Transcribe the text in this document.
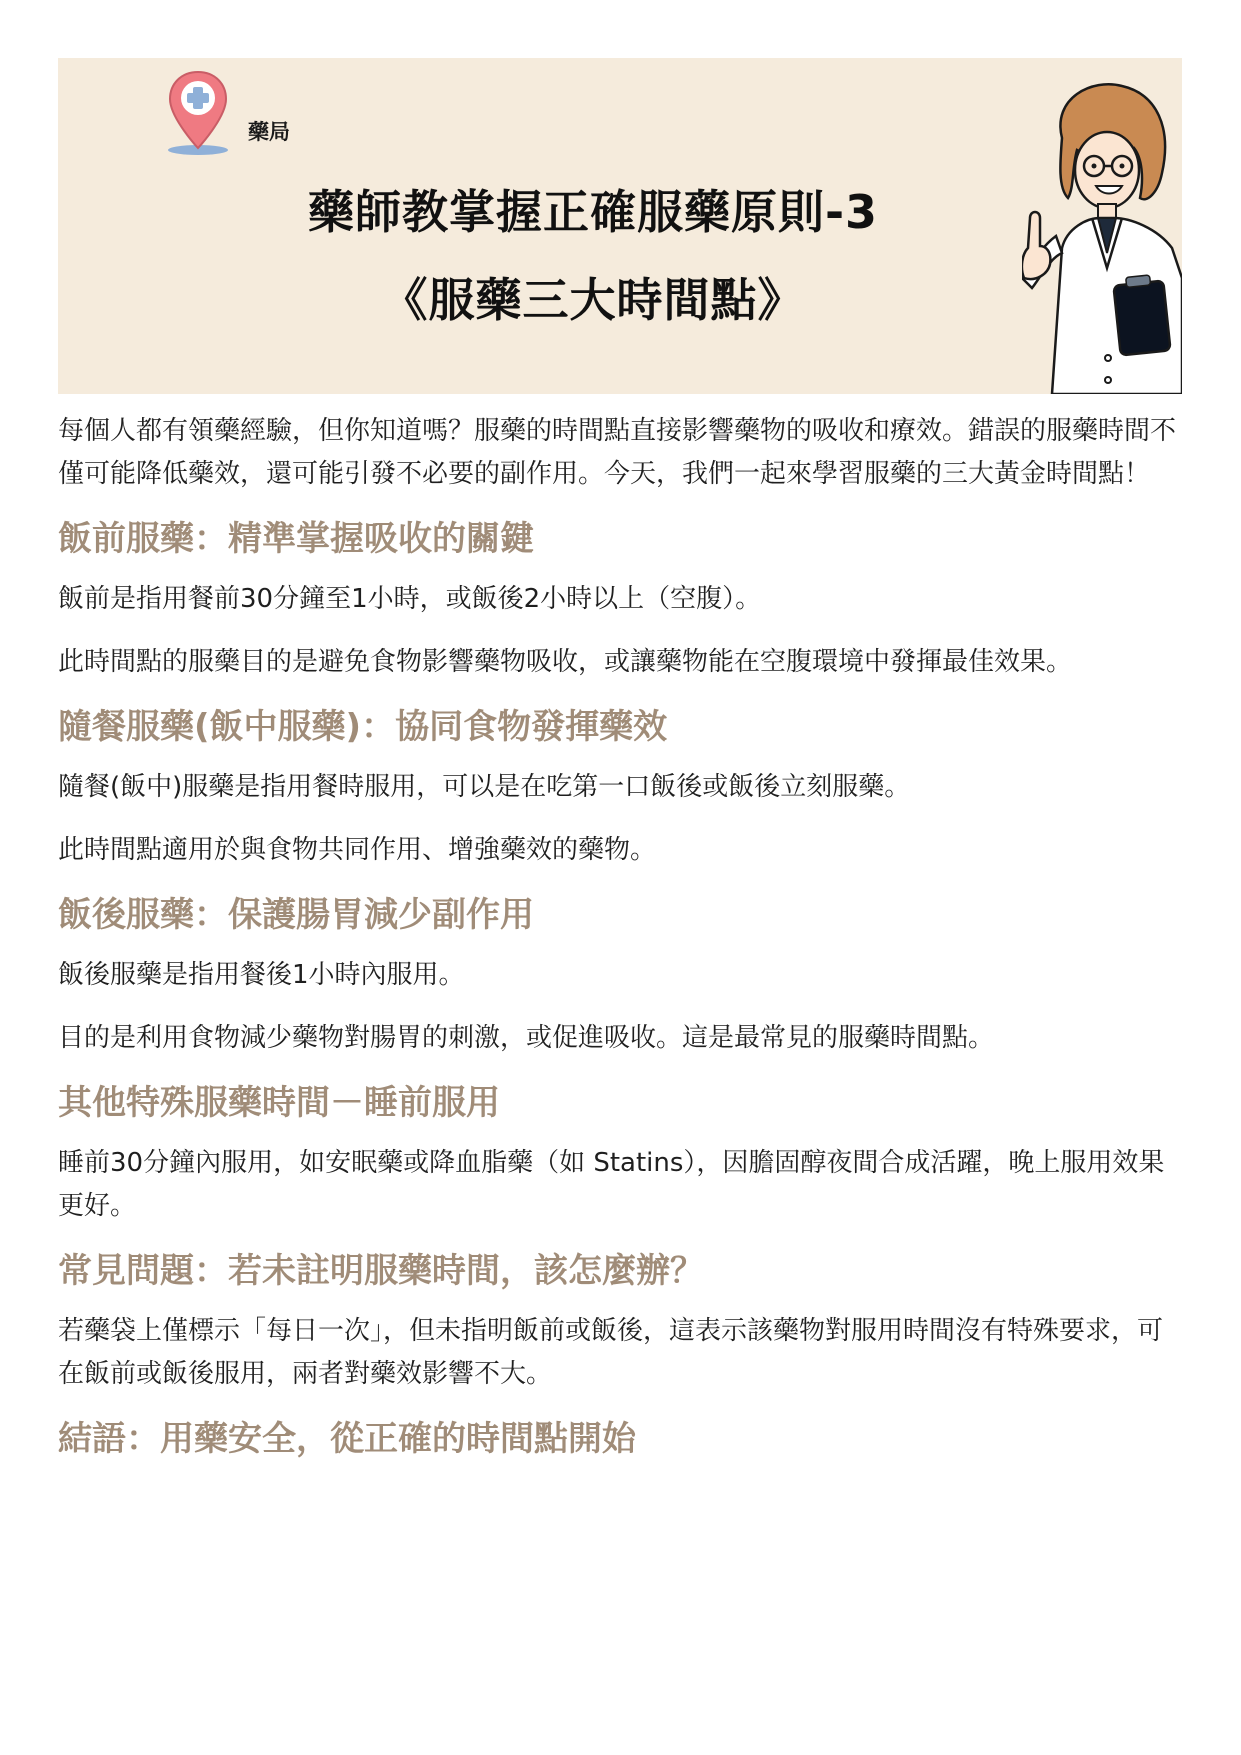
藥局
藥師教掌握正確服藥原則-3
《服藥三大時間點》

每個人都有領藥經驗，但你知道嗎？服藥的時間點直接影響藥物的吸收和療效。錯誤的服藥時間不僅可能降低藥效，還可能引發不必要的副作用。今天，我們一起來學習服藥的三大黃金時間點！

飯前服藥：精準掌握吸收的關鍵

飯前是指用餐前30分鐘至1小時，或飯後2小時以上（空腹）。

此時間點的服藥目的是避免食物影響藥物吸收，或讓藥物能在空腹環境中發揮最佳效果。

隨餐服藥(飯中服藥)：協同食物發揮藥效

隨餐(飯中)服藥是指用餐時服用，可以是在吃第一口飯後或飯後立刻服藥。

此時間點適用於與食物共同作用、增強藥效的藥物。

飯後服藥：保護腸胃減少副作用

飯後服藥是指用餐後1小時內服用。

目的是利用食物減少藥物對腸胃的刺激，或促進吸收。這是最常見的服藥時間點。

其他特殊服藥時間－睡前服用

睡前30分鐘內服用，如安眠藥或降血脂藥（如 Statins），因膽固醇夜間合成活躍，晚上服用效果更好。

常見問題：若未註明服藥時間，該怎麼辦？

若藥袋上僅標示「每日一次」，但未指明飯前或飯後，這表示該藥物對服用時間沒有特殊要求，可在飯前或飯後服用，兩者對藥效影響不大。

結語：用藥安全，從正確的時間點開始
